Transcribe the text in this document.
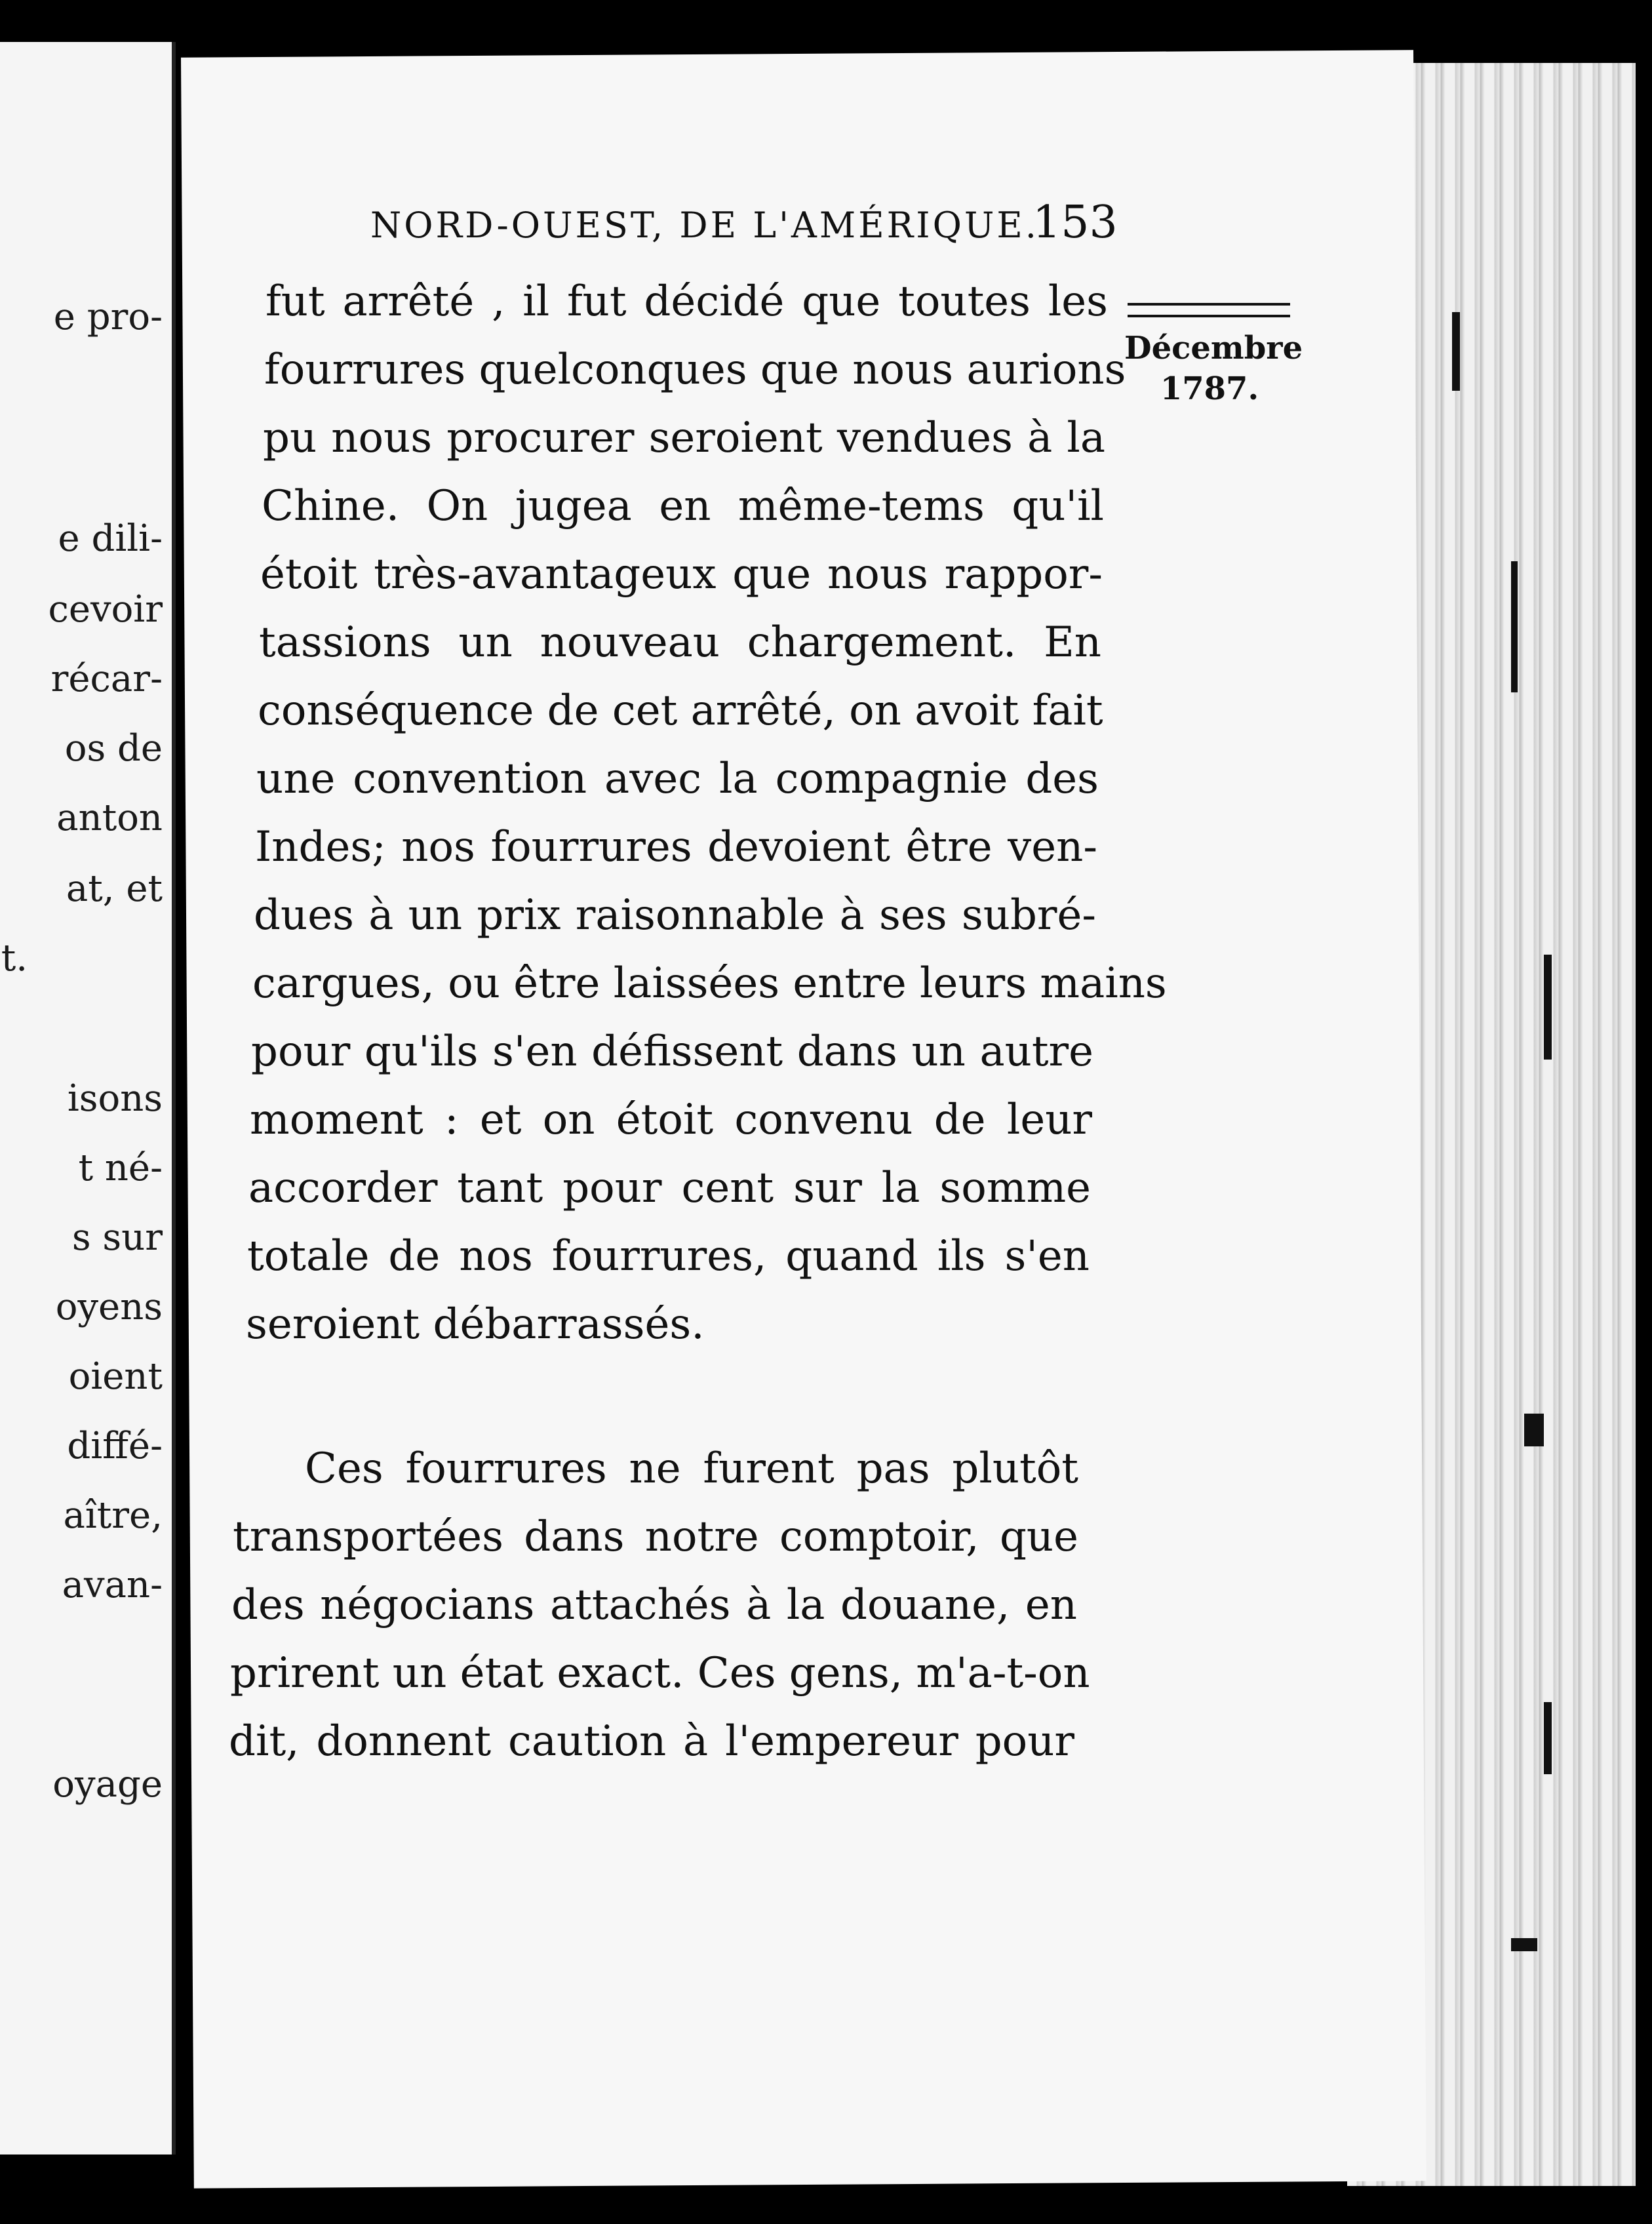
e pro-
e dili-
cevoir
récar-
os de
anton
at, et
t.
isons
t né-
s sur
oyens
oient
diffé-
aître,
avan-
oyage
NORD-OUEST, DE L'AMÉRIQUE.
153
Décembre
1787.
fut arrêté , il fut décidé que toutes les
fourrures quelconques que nous aurions
pu nous procurer seroient vendues à la
Chine. On jugea en même-tems qu'il
étoit très-avantageux que nous rappor-
tassions un nouveau chargement. En
conséquence de cet arrêté, on avoit fait
une convention avec la compagnie des
Indes; nos fourrures devoient être ven-
dues à un prix raisonnable à ses subré-
cargues, ou être laissées entre leurs mains
pour qu'ils s'en défissent dans un autre
moment : et on étoit convenu de leur
accorder tant pour cent sur la somme
totale de nos fourrures, quand ils s'en
seroient débarrassés.
Ces fourrures ne furent pas plutôt
transportées dans notre comptoir, que
des négocians attachés à la douane, en
prirent un état exact. Ces gens, m'a-t-on
dit, donnent caution à l'empereur pour
